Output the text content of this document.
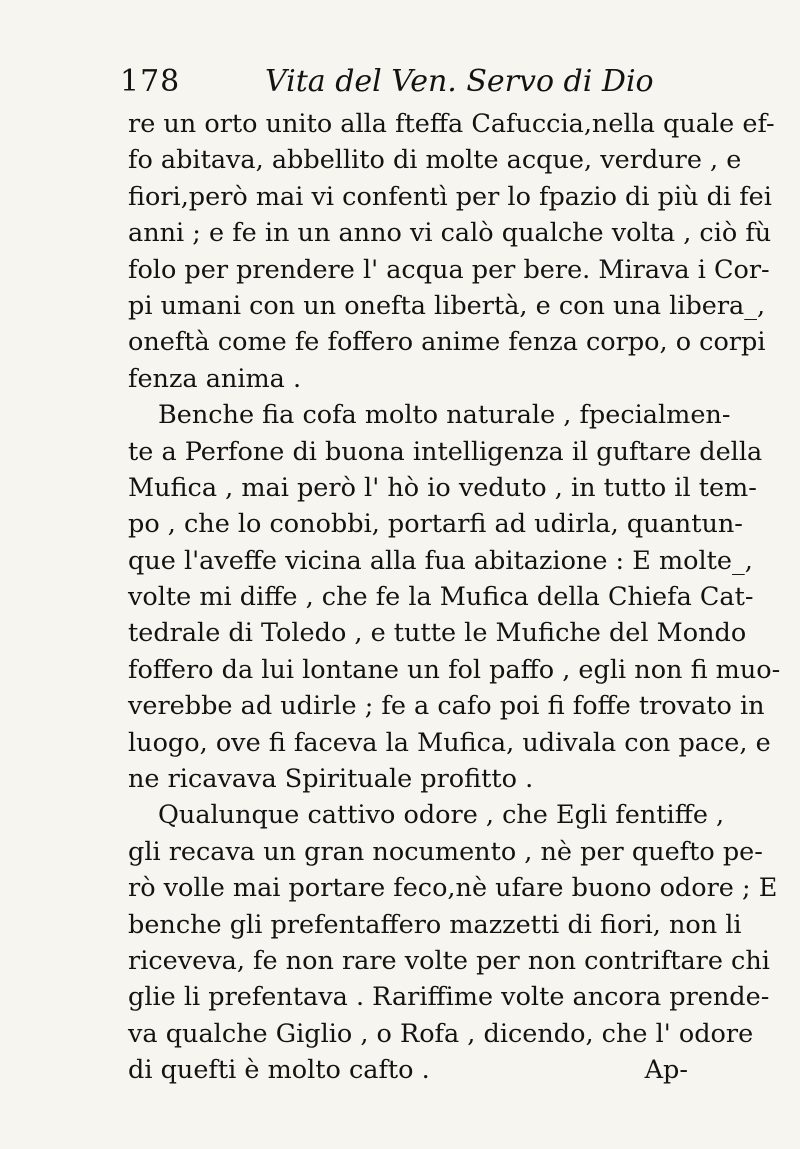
178	Vita del Ven. Servo di Dio
re un orto unito alla fteffa Cafuccia,nella quale ef-
fo abitava, abbellito di molte acque, verdure , e
fiori,però mai vi confentì per lo fpazio di più di fei
anni ; e fe in un anno vi calò qualche volta , ciò fù
folo per prendere l' acqua per bere. Mirava i Cor-
pi umani con un onefta libertà, e con una libera_,
oneftà come fe foffero anime fenza corpo, o corpi
fenza anima .
Benche fia cofa molto naturale , fpecialmen-
te a Perfone di buona intelligenza il guftare della
Mufica , mai però l' hò io veduto , in tutto il tem-
po , che lo conobbi, portarfi ad udirla, quantun-
que l'aveffe vicina alla fua abitazione : E molte_,
volte mi diffe , che fe la Mufica della Chiefa Cat-
tedrale di Toledo , e tutte le Mufiche del Mondo
foffero da lui lontane un fol paffo , egli non fi muo-
verebbe ad udirle ; fe a cafo poi fi foffe trovato in
luogo, ove fi faceva la Mufica, udivala con pace, e
ne ricavava Spirituale profitto .
Qualunque cattivo odore , che Egli fentiffe ,
gli recava un gran nocumento , nè per quefto pe-
rò volle mai portare feco,nè ufare buono odore ; E
benche gli prefentaffero mazzetti di fiori, non li
riceveva, fe non rare volte per non contriftare chi
glie li prefentava . Rariffime volte ancora prende-
va qualche Giglio , o Rofa , dicendo, che l' odore
di quefti è molto cafto .	Ap-
